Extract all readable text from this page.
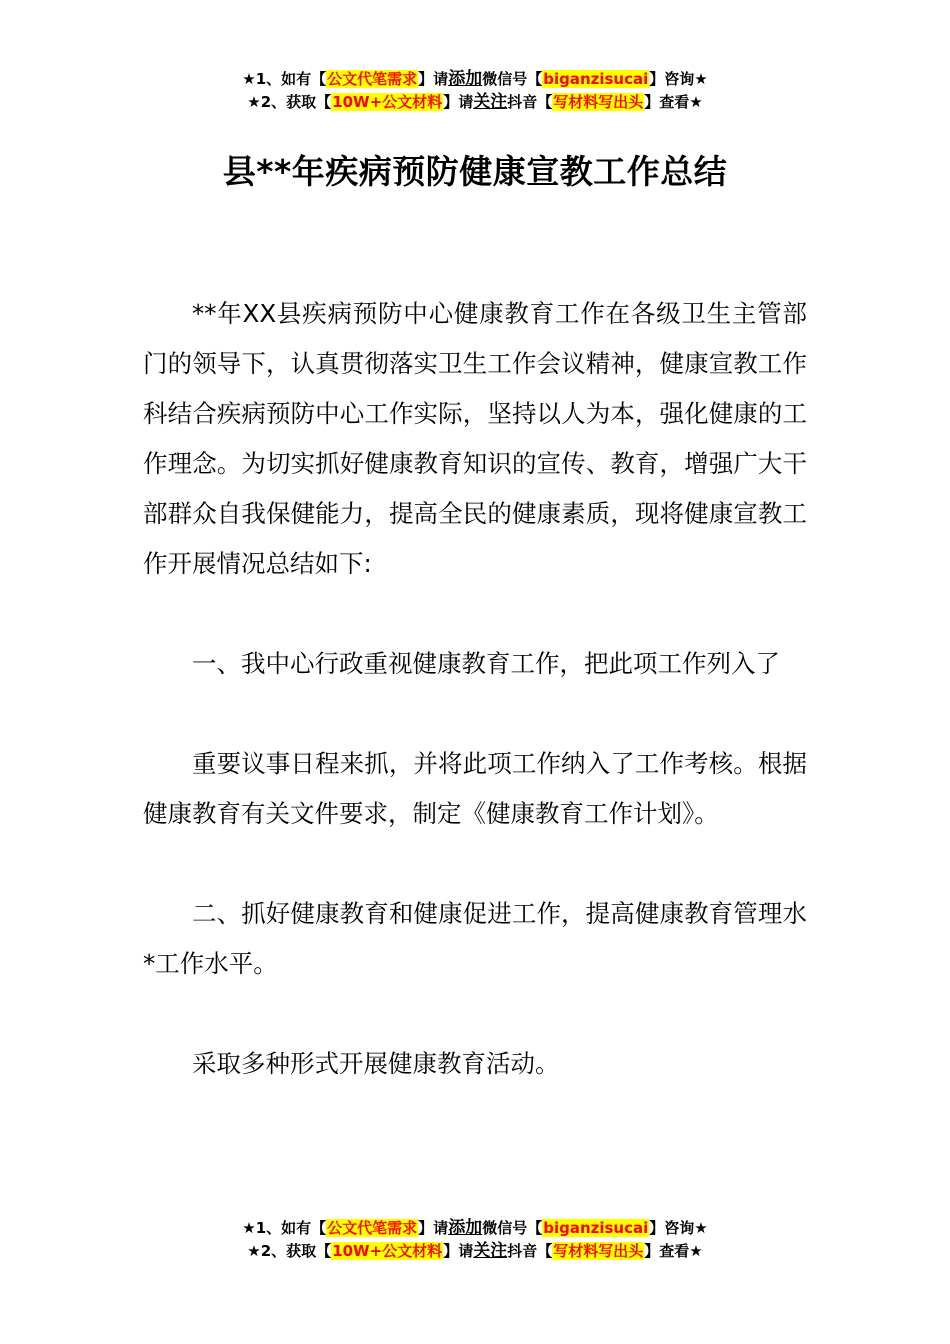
★1、如有【公文代笔需求】请添加微信号【biganzisucai】咨询★
★2、获取【10W+公文材料】请关注抖音【写材料写出头】查看★
县**年疾病预防健康宣教工作总结

**年XX县疾病预防中心健康教育工作在各级卫生主管部门的领导下，认真贯彻落实卫生工作会议精神，健康宣教工作科结合疾病预防中心工作实际，坚持以人为本，强化健康的工作理念。为切实抓好健康教育知识的宣传、教育，增强广大干部群众自我保健能力，提高全民的健康素质，现将健康宣教工作开展情况总结如下:

一、我中心行政重视健康教育工作，把此项工作列入了

重要议事日程来抓，并将此项工作纳入了工作考核。根据健康教育有关文件要求，制定《健康教育工作计划》。

二、抓好健康教育和健康促进工作，提高健康教育管理水*工作水平。

采取多种形式开展健康教育活动。

★1、如有【公文代笔需求】请添加微信号【biganzisucai】咨询★
★2、获取【10W+公文材料】请关注抖音【写材料写出头】查看★
